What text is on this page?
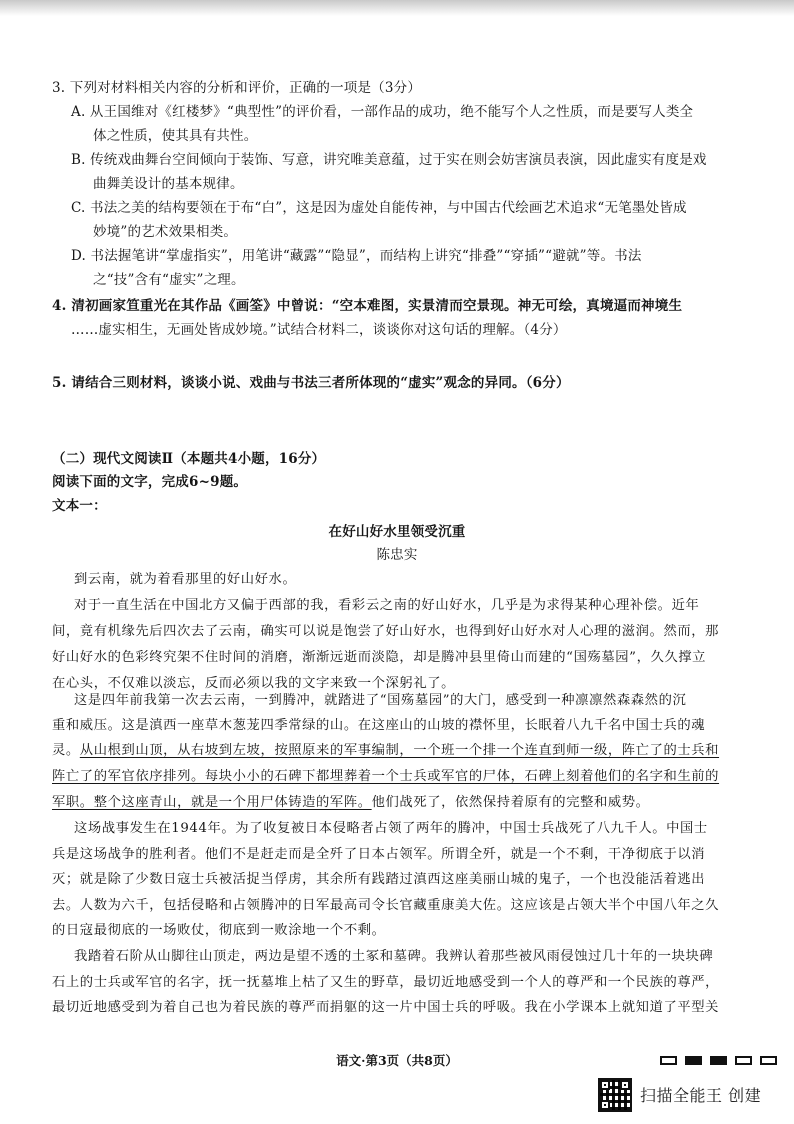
3. 下列对材料相关内容的分析和评价，正确的一项是（3分）

A. 从王国维对《红楼梦》“典型性”的评价看，一部作品的成功，绝不能写个人之性质，而是要写人类全

体之性质，使其具有共性。

B. 传统戏曲舞台空间倾向于装饰、写意，讲究唯美意蕴，过于实在则会妨害演员表演，因此虚实有度是戏

曲舞美设计的基本规律。

C. 书法之美的结构要领在于布“白”，这是因为虚处自能传神，与中国古代绘画艺术追求“无笔墨处皆成

妙境”的艺术效果相类。

D. 书法握笔讲“掌虚指实”，用笔讲“藏露”“隐显”，而结构上讲究“排叠”“穿插”“避就”等。书法

之“技”含有“虚实”之理。

4. 清初画家笪重光在其作品《画筌》中曾说：“空本难图，实景清而空景现。神无可绘，真境逼而神境生

……虚实相生，无画处皆成妙境。”试结合材料二，谈谈你对这句话的理解。（4分）

5. 请结合三则材料，谈谈小说、戏曲与书法三者所体现的“虚实”观念的异同。（6分）

（二）现代文阅读Ⅱ（本题共4小题，16分）

阅读下面的文字，完成6~9题。

文本一：

在好山好水里领受沉重

陈忠实

到云南，就为着看那里的好山好水。

对于一直生活在中国北方又偏于西部的我，看彩云之南的好山好水，几乎是为求得某种心理补偿。近年

间，竟有机缘先后四次去了云南，确实可以说是饱尝了好山好水，也得到好山好水对人心理的滋润。然而，那

好山好水的色彩终究架不住时间的消磨，渐渐远逝而淡隐，却是腾冲县里倚山而建的“国殇墓园”，久久撑立

在心头，不仅难以淡忘，反而必须以我的文字来致一个深躬礼了。

这是四年前我第一次去云南，一到腾冲，就踏进了“国殇墓园”的大门，感受到一种凛凛然森森然的沉

重和威压。这是滇西一座草木葱茏四季常绿的山。在这座山的山坡的襟怀里，长眠着八九千名中国士兵的魂

灵。从山根到山顶，从右坡到左坡，按照原来的军事编制，一个班一个排一个连直到师一级，阵亡了的士兵和

阵亡了的军官依序排列。每块小小的石碑下都埋葬着一个士兵或军官的尸体，石碑上刻着他们的名字和生前的

军职。整个这座青山，就是一个用尸体铸造的军阵。他们战死了，依然保持着原有的完整和威势。

这场战事发生在1944年。为了收复被日本侵略者占领了两年的腾冲，中国士兵战死了八九千人。中国士

兵是这场战争的胜利者。他们不是赶走而是全歼了日本占领军。所谓全歼，就是一个不剩，干净彻底于以消

灭；就是除了少数日寇士兵被活捉当俘虏，其余所有践踏过滇西这座美丽山城的鬼子，一个也没能活着逃出

去。人数为六千，包括侵略和占领腾冲的日军最高司令长官藏重康美大佐。这应该是占领大半个中国八年之久

的日寇最彻底的一场败仗，彻底到一败涂地一个不剩。

我踏着石阶从山脚往山顶走，两边是望不透的土冢和墓碑。我辨认着那些被风雨侵蚀过几十年的一块块碑

石上的士兵或军官的名字，抚一抚墓堆上枯了又生的野草，最切近地感受到一个人的尊严和一个民族的尊严，

最切近地感受到为着自己也为着民族的尊严而捐躯的这一片中国士兵的呼吸。我在小学课本上就知道了平型关

语文·第3页（共8页）
扫描全能王 创建
